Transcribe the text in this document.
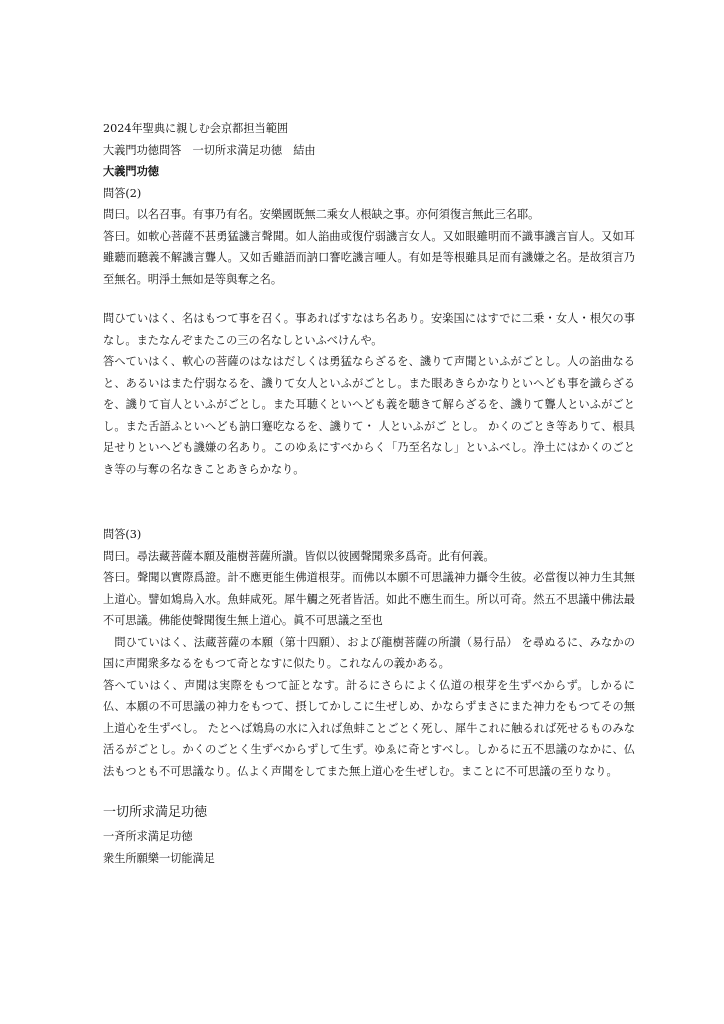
2024年聖典に親しむ会京都担当範囲
大義門功徳問答　一切所求満足功徳　結由
大義門功徳
問答(2)

問曰。以名召事。有事乃有名。安樂國既無二乘女人根缺之事。亦何須復言無此三名耶。

答曰。如軟心菩薩不甚勇猛譏言聲聞。如人諂曲或復佇弱譏言女人。又如眼雖明而不識事譏言盲人。又如耳雖聽而聽義不解譏言聾人。又如舌雖語而訥口謇吃譏言唖人。有如是等根雖具足而有譏嫌之名。是故須言乃至無名。明淨土無如是等與奪之名。

問ひていはく、名はもつて事を召く。事あればすなはち名あり。安楽国にはすでに二乗・女人・根欠の事なし。またなんぞまたこの三の名なしといふべけんや。

答へていはく、軟心の菩薩のはなはだしくは勇猛ならざるを、譏りて声聞といふがごとし。人の諂曲なると、あるいはまた佇弱なるを、譏りて女人といふがごとし。また眼あきらかなりといへども事を識らざるを、譏りて盲人といふがごとし。また耳聴くといへども義を聴きて解らざるを、譏りて聾人といふがごとし。また舌語ふといへども訥口蹇吃なるを、譏りて・ 人といふがご とし。 かくのごとき等ありて、根具足せりといへども譏嫌の名あり。このゆゑにすべからく「乃至名なし」といふべし。浄土にはかくのごとき等の与奪の名なきことあきらかなり。

問答(3)

問曰。尋法藏菩薩本願及龍樹菩薩所讃。皆似以彼國聲聞衆多爲奇。此有何義。

答曰。聲聞以實際爲證。計不應更能生佛道根芽。而佛以本願不可思議神力攝令生彼。必當復以神力生其無上道心。譬如鴆鳥入水。魚蚌咸死。犀牛觸之死者皆活。如此不應生而生。所以可奇。然五不思議中佛法最不可思議。佛能使聲聞復生無上道心。眞不可思議之至也

　問ひていはく、法蔵菩薩の本願（第十四願）、および龍樹菩薩の所讃（易行品） を尋ぬるに、みなかの国に声聞衆多なるをもつて奇となすに似たり。これなんの義かある。

答へていはく、声聞は実際をもつて証となす。計るにさらによく仏道の根芽を生ずべからず。しかるに仏、本願の不可思議の神力をもつて、摂してかしこに生ぜしめ、かならずまさにまた神力をもつてその無上道心を生ずべし。 たとへば鴆鳥の水に入れば魚蚌ことごとく死し、犀牛これに触るれば死せるものみな活るがごとし。かくのごとく生ずべからずして生ず。ゆゑに奇とすべし。しかるに五不思議のなかに、仏法もつとも不可思議なり。仏よく声聞をしてまた無上道心を生ぜしむ。まことに不可思議の至りなり。

一切所求満足功徳
一斉所求満足功徳
衆生所願樂一切能満足
